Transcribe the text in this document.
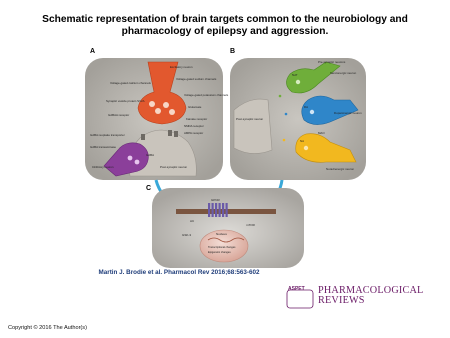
Schematic representation of brain targets common to the neurobiology and pharmacology of epilepsy and aggression.
A
Excitatory neuron
Voltage-gated sodium channels
Voltage-gated calcium channels
Voltage-gated potassium channels
Synaptic vesicle protein SV2A
Glutamate
GABAA receptor
Kainate receptor
NMDA receptor
AMPA receptor
GABA reuptake transporter
GABA transaminase
GABA
Inhibitory neuron	Post-synaptic neuron
B
Pre-synaptic neurons
Serotonergic neuron
5HT
DA
Dopaminergic neuron
Post-synaptic neuron
NA
MAO
Noradrenergic neuron
C
GPCR
AC
GSK-3
mTOR
Nucleus
Transcriptional changes
Epigenetic changes
Martin J. Brodie et al. Pharmacol Rev 2016;68:563-602
ASPET PHARMACOLOGICAL
REVIEWS
Copyright © 2016 The Author(s)
